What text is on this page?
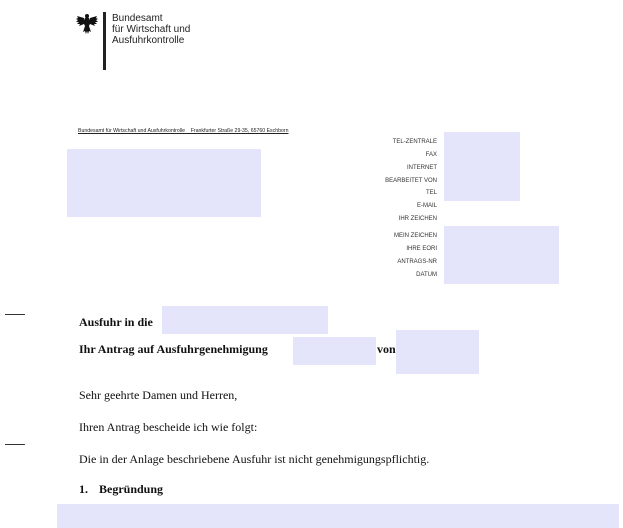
Bundesamt
für Wirtschaft und
Ausfuhrkontrolle
Bundesamt für Wirtschaft und Ausfuhrkontrolle    Frankfurter Straße 29-35, 65760 Eschborn
TEL-ZENTRALE
FAX
INTERNET
BEARBEITET VON
TEL
E-MAIL
IHR ZEICHEN
MEIN ZEICHEN
IHRE EORI
ANTRAGS-NR
DATUM
Ausfuhr in die
Ihr Antrag auf Ausfuhrgenehmigung	von
Sehr geehrte Damen und Herren,
Ihren Antrag bescheide ich wie folgt:
Die in der Anlage beschriebene Ausfuhr ist nicht genehmigungspflichtig.
1. Begründung
